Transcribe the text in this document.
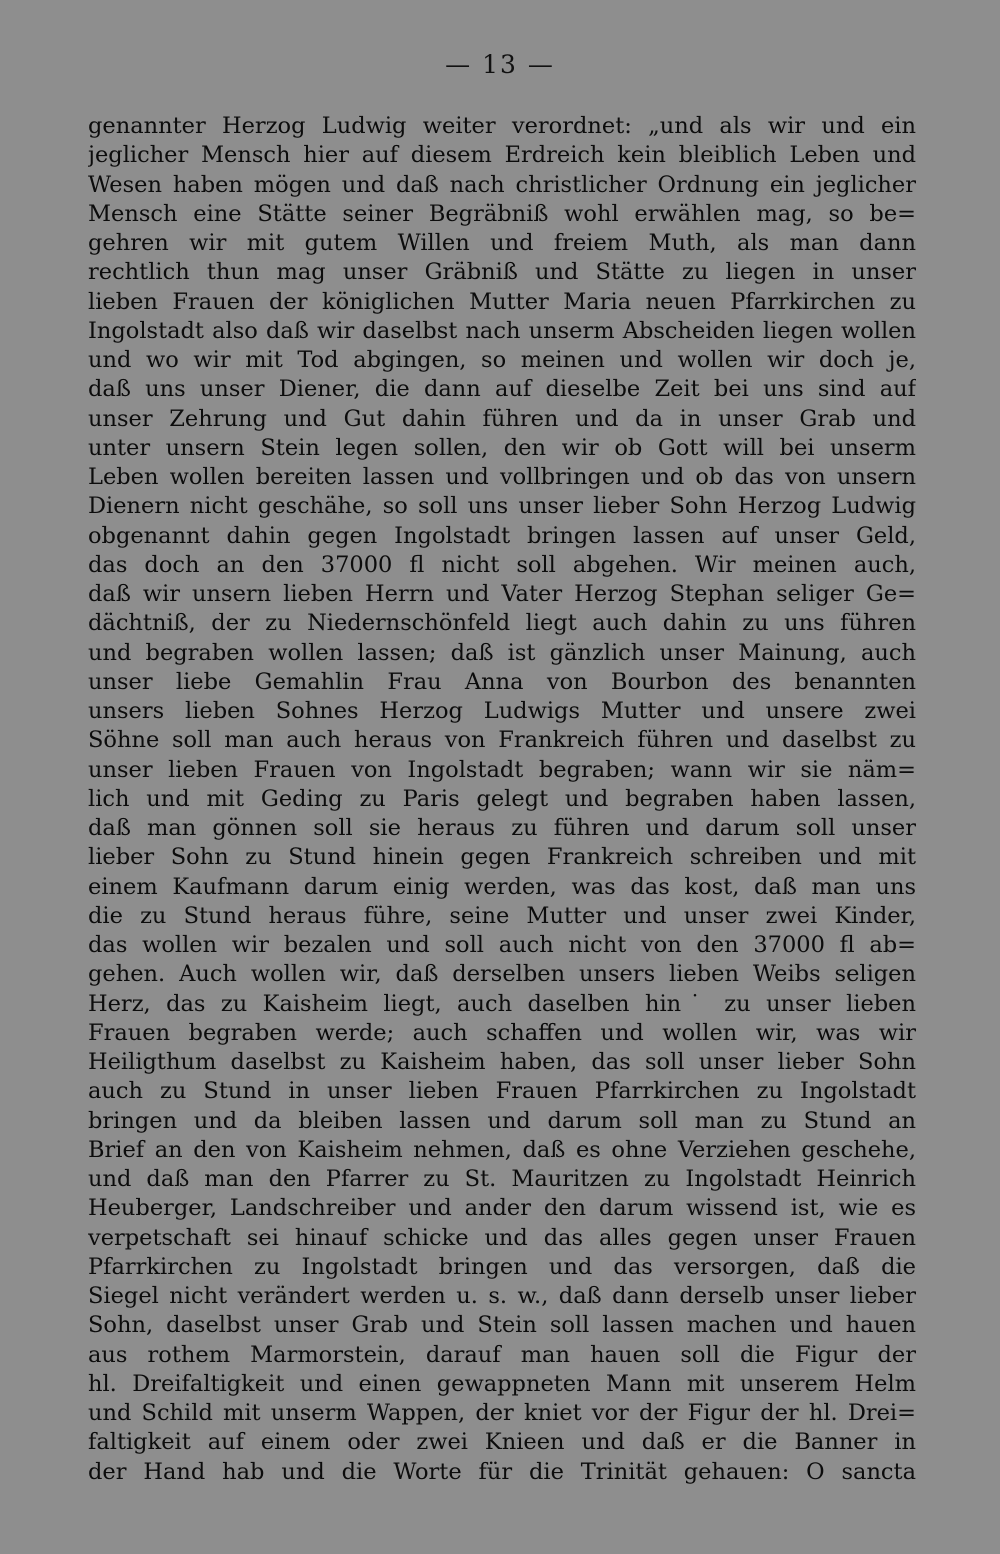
— 13 —
genannter Herzog Ludwig weiter verordnet: „und als wir und ein
jeglicher Mensch hier auf diesem Erdreich kein bleiblich Leben und
Wesen haben mögen und daß nach christlicher Ordnung ein jeglicher
Mensch eine Stätte seiner Begräbniß wohl erwählen mag, so be=
gehren wir mit gutem Willen und freiem Muth, als man dann
rechtlich thun mag unser Gräbniß und Stätte zu liegen in unser
lieben Frauen der königlichen Mutter Maria neuen Pfarrkirchen zu
Ingolstadt also daß wir daselbst nach unserm Abscheiden liegen wollen
und wo wir mit Tod abgingen, so meinen und wollen wir doch je,
daß uns unser Diener, die dann auf dieselbe Zeit bei uns sind auf
unser Zehrung und Gut dahin führen und da in unser Grab und
unter unsern Stein legen sollen, den wir ob Gott will bei unserm
Leben wollen bereiten lassen und vollbringen und ob das von unsern
Dienern nicht geschähe, so soll uns unser lieber Sohn Herzog Ludwig
obgenannt dahin gegen Ingolstadt bringen lassen auf unser Geld,
das doch an den 37000 fl nicht soll abgehen. Wir meinen auch,
daß wir unsern lieben Herrn und Vater Herzog Stephan seliger Ge=
dächtniß, der zu Niedernschönfeld liegt auch dahin zu uns führen
und begraben wollen lassen; daß ist gänzlich unser Mainung, auch
unser liebe Gemahlin Frau Anna von Bourbon des benannten
unsers lieben Sohnes Herzog Ludwigs Mutter und unsere zwei
Söhne soll man auch heraus von Frankreich führen und daselbst zu
unser lieben Frauen von Ingolstadt begraben; wann wir sie näm=
lich und mit Geding zu Paris gelegt und begraben haben lassen,
daß man gönnen soll sie heraus zu führen und darum soll unser
lieber Sohn zu Stund hinein gegen Frankreich schreiben und mit
einem Kaufmann darum einig werden, was das kost, daß man uns
die zu Stund heraus führe, seine Mutter und unser zwei Kinder,
das wollen wir bezalen und soll auch nicht von den 37000 fl ab=
gehen. Auch wollen wir, daß derselben unsers lieben Weibs seligen
Herz, das zu Kaisheim liegt, auch daselben hin˙ zu unser lieben
Frauen begraben werde; auch schaffen und wollen wir, was wir
Heiligthum daselbst zu Kaisheim haben, das soll unser lieber Sohn
auch zu Stund in unser lieben Frauen Pfarrkirchen zu Ingolstadt
bringen und da bleiben lassen und darum soll man zu Stund an
Brief an den von Kaisheim nehmen, daß es ohne Verziehen geschehe,
und daß man den Pfarrer zu St. Mauritzen zu Ingolstadt Heinrich
Heuberger, Landschreiber und ander den darum wissend ist, wie es
verpetschaft sei hinauf schicke und das alles gegen unser Frauen
Pfarrkirchen zu Ingolstadt bringen und das versorgen, daß die
Siegel nicht verändert werden u. s. w., daß dann derselb unser lieber
Sohn, daselbst unser Grab und Stein soll lassen machen und hauen
aus rothem Marmorstein, darauf man hauen soll die Figur der
hl. Dreifaltigkeit und einen gewappneten Mann mit unserem Helm
und Schild mit unserm Wappen, der kniet vor der Figur der hl. Drei=
faltigkeit auf einem oder zwei Knieen und daß er die Banner in
der Hand hab und die Worte für die Trinität gehauen: O sancta
